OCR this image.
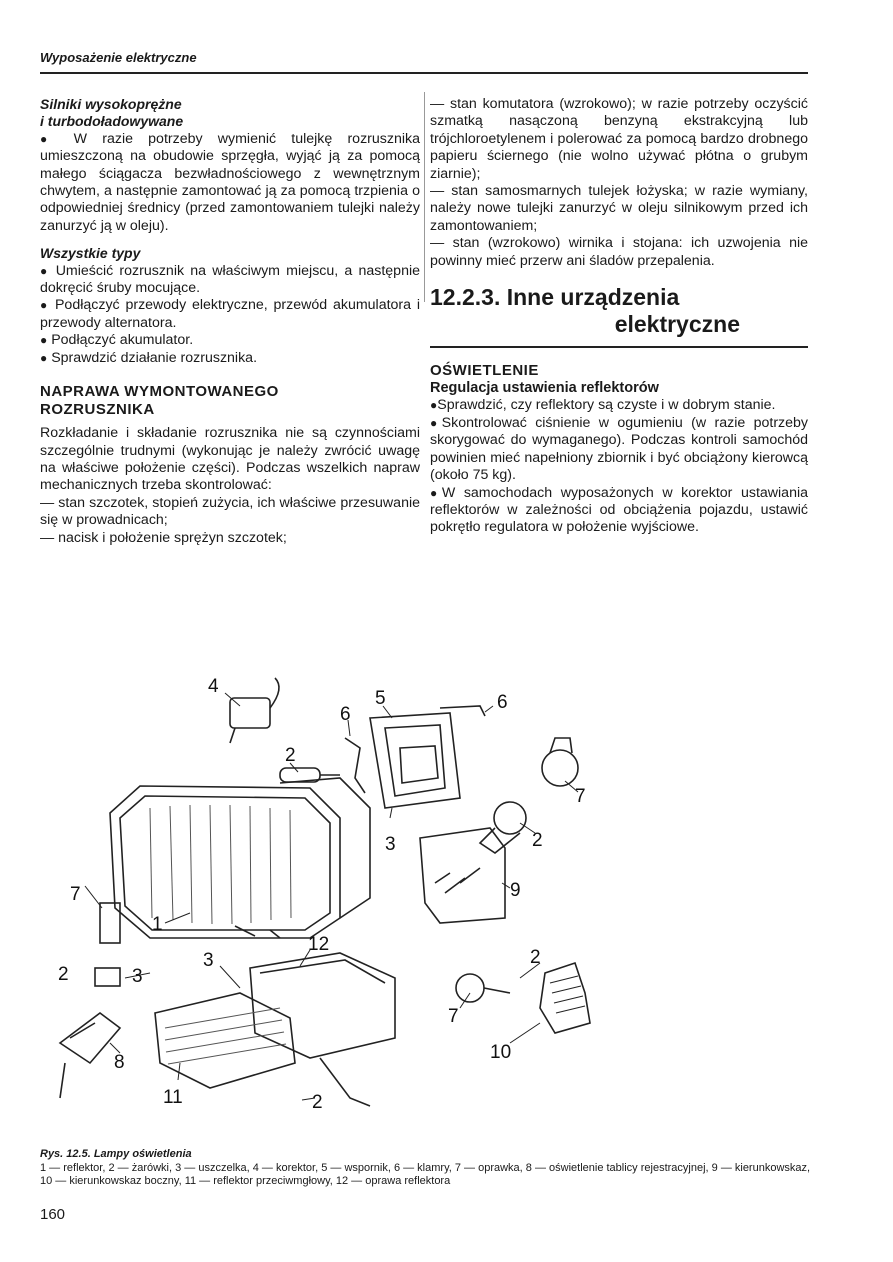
Wyposażenie elektryczne

Silniki wysokoprężne
i turbodoładowywane

● W razie potrzeby wymienić tulejkę rozrusznika umieszczoną na obudowie sprzęgła, wyjąć ją za pomocą małego ściągacza bezwładnościowego z wewnętrznym chwytem, a następnie zamontować ją za pomocą trzpienia o odpowiedniej średnicy (przed zamontowaniem tulejki należy zanurzyć ją w oleju).

Wszystkie typy

● Umieścić rozrusznik na właściwym miejscu, a następnie dokręcić śruby mocujące.

● Podłączyć przewody elektryczne, przewód akumulatora i przewody alternatora.

● Podłączyć akumulator.

● Sprawdzić działanie rozrusznika.

NAPRAWA WYMONTOWANEGO
ROZRUSZNIKA

Rozkładanie i składanie rozrusznika nie są czynnościami szczególnie trudnymi (wykonując je należy zwrócić uwagę na właściwe położenie części). Podczas wszelkich napraw mechanicznych trzeba skontrolować:

— stan szczotek, stopień zużycia, ich właściwe przesuwanie się w prowadnicach;

— nacisk i położenie sprężyn szczotek;

— stan komutatora (wzrokowo); w razie potrzeby oczyścić szmatką nasączoną benzyną ekstrakcyjną lub trójchloroetylenem i polerować za pomocą bardzo drobnego papieru ściernego (nie wolno używać płótna o grubym ziarnie);

— stan samosmarnych tulejek łożyska; w razie wymiany, należy nowe tulejki zanurzyć w oleju silnikowym przed ich zamontowaniem;

— stan (wzrokowo) wirnika i stojana: ich uzwojenia nie powinny mieć przerw ani śladów przepalenia.

12.2.3. Inne urządzenia
elektryczne

OŚWIETLENIE

Regulacja ustawienia reflektorów

●Sprawdzić, czy reflektory są czyste i w dobrym stanie.

●Skontrolować ciśnienie w ogumieniu (w razie potrzeby skorygować do wymaganego). Podczas kontroli samochód powinien mieć napełniony zbiornik i być obciążony kierowcą (około 75 kg).

●W samochodach wyposażonych w korektor ustawiania reflektorów w zależności od obciążenia pojazdu, ustawić pokrętło regulatora w położenie wyjściowe.

4
6
5	6
2
7
3	2
9
7
1
2	3
12
3	2
7
10
8
11	2
Rys. 12.5. Lampy oświetlenia
1 — reflektor, 2 — żarówki, 3 — uszczelka, 4 — korektor, 5 — wspornik, 6 — klamry, 7 — oprawka, 8 — oświetlenie tablicy rejestracyjnej, 9 — kierunkowskaz, 10 — kierunkowskaz boczny, 11 — reflektor przeciwmgłowy, 12 — oprawa reflektora
160
